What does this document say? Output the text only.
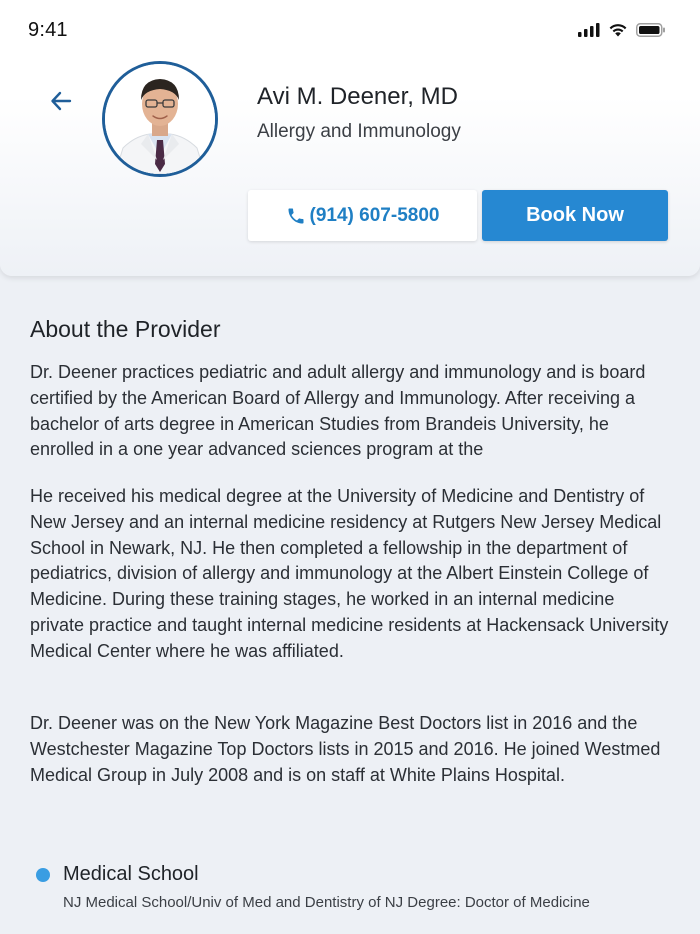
9:41
Avi M. Deener, MD
Allergy and Immunology
(914) 607-5800	Book Now
About the Provider

Dr. Deener practices pediatric and adult allergy and immunology and is board certified by the American Board of Allergy and Immunology. After receiving a bachelor of arts degree in American Studies from Brandeis University, he enrolled in a one year advanced sciences program at the

He received his medical degree at the University of Medicine and Dentistry of New Jersey and an internal medicine residency at Rutgers New Jersey Medical School in Newark, NJ. He then completed a fellowship in the department of pediatrics, division of allergy and immunology at the Albert Einstein College of Medicine. During these training stages, he worked in an internal medicine private practice and taught internal medicine residents at Hackensack University Medical Center where he was affiliated.

Dr. Deener was on the New York Magazine Best Doctors list in 2016 and the Westchester Magazine Top Doctors lists in 2015 and 2016. He joined Westmed Medical Group in July 2008 and is on staff at White Plains Hospital.

Medical School
NJ Medical School/Univ of Med and Dentistry of NJ Degree: Doctor of Medicine
